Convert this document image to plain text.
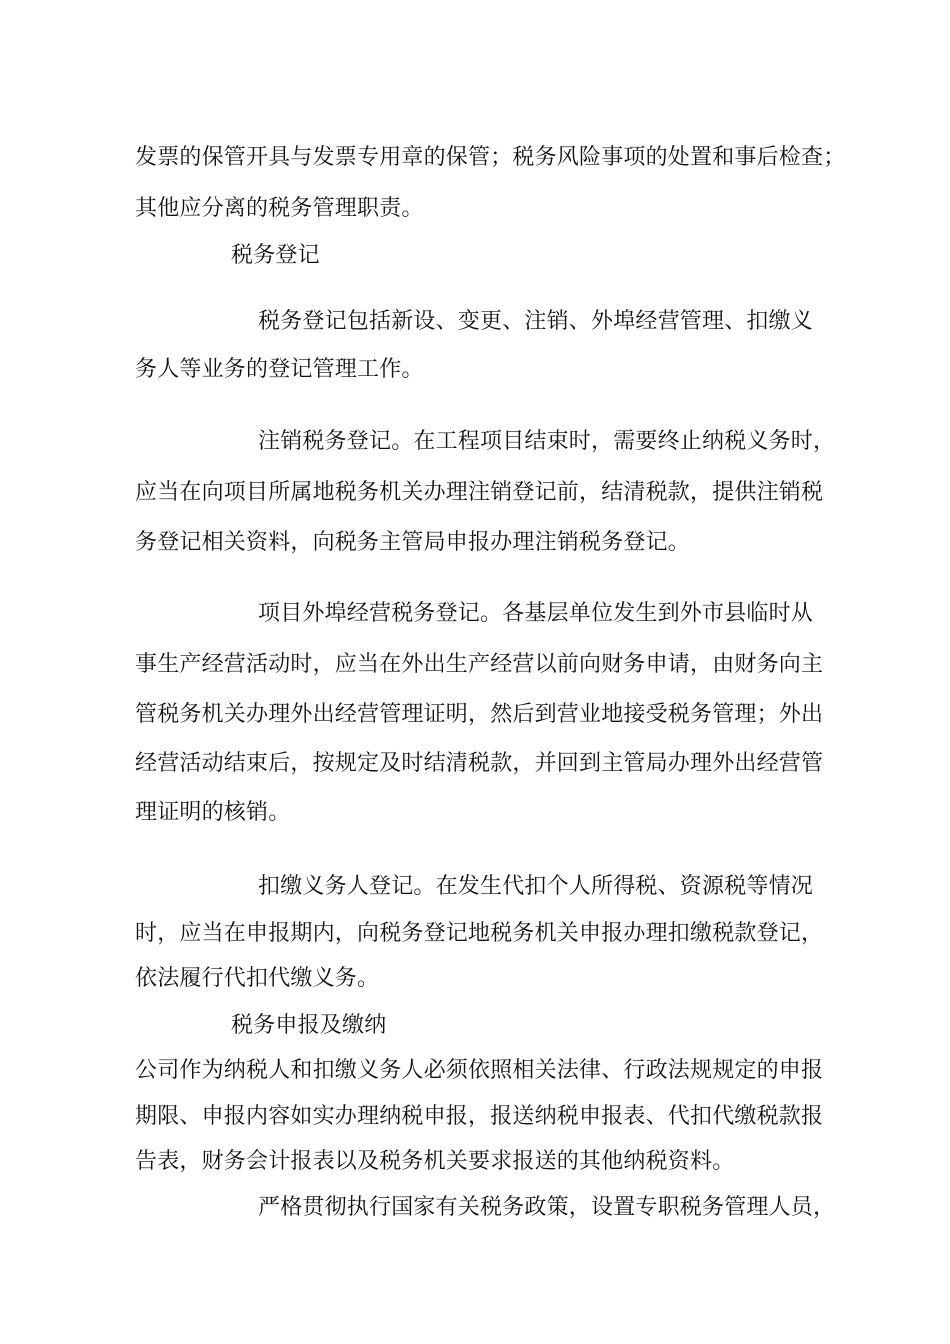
发票的保管开具与发票专用章的保管；税务风险事项的处置和事后检查；
其他应分离的税务管理职责。
税务登记
税务登记包括新设、变更、注销、外埠经营管理、扣缴义
务人等业务的登记管理工作。
注销税务登记。在工程项目结束时，需要终止纳税义务时，
应当在向项目所属地税务机关办理注销登记前，结清税款，提供注销税
务登记相关资料，向税务主管局申报办理注销税务登记。
项目外埠经营税务登记。各基层单位发生到外市县临时从
事生产经营活动时，应当在外出生产经营以前向财务申请，由财务向主
管税务机关办理外出经营管理证明，然后到营业地接受税务管理；外出
经营活动结束后，按规定及时结清税款，并回到主管局办理外出经营管
理证明的核销。
扣缴义务人登记。在发生代扣个人所得税、资源税等情况
时，应当在申报期内，向税务登记地税务机关申报办理扣缴税款登记，
依法履行代扣代缴义务。
税务申报及缴纳
公司作为纳税人和扣缴义务人必须依照相关法律、行政法规规定的申报
期限、申报内容如实办理纳税申报，报送纳税申报表、代扣代缴税款报
告表，财务会计报表以及税务机关要求报送的其他纳税资料。
严格贯彻执行国家有关税务政策，设置专职税务管理人员，
